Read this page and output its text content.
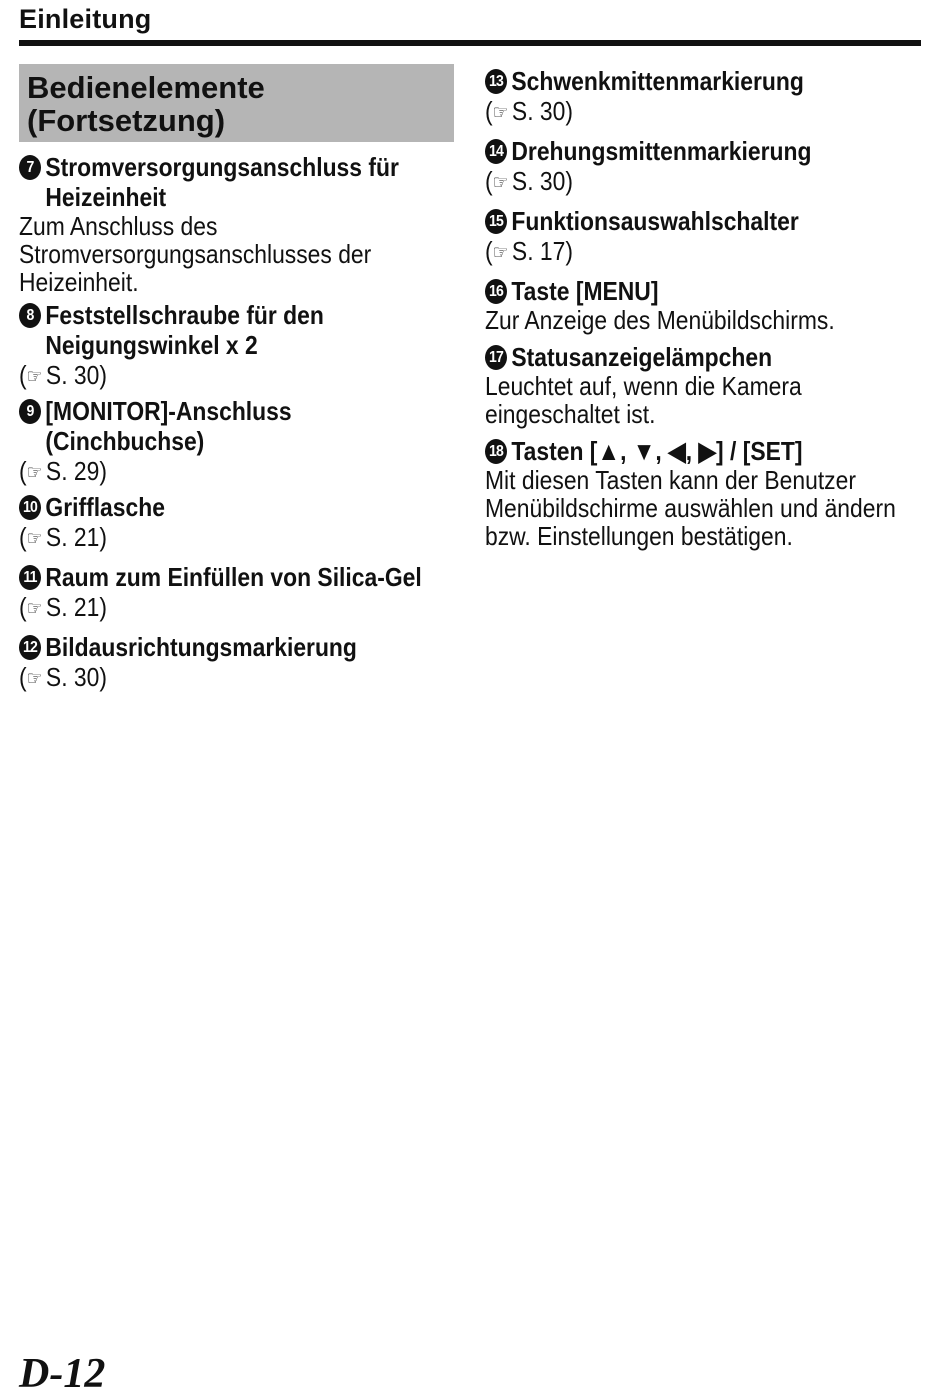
Einleitung
Bedienelemente
(Fortsetzung)
7 Stromversorgungsanschluss für
Heizeinheit
Zum Anschluss des
Stromversorgungsanschlusses der
Heizeinheit.
8 Feststellschraube für den
Neigungswinkel x 2
(☞ S. 30)
9 [MONITOR]-Anschluss
(Cinchbuchse)
(☞ S. 29)
10 Grifflasche
(☞ S. 21)
11 Raum zum Einfüllen von Silica-Gel
(☞ S. 21)
12 Bildausrichtungsmarkierung
(☞ S. 30)
13 Schwenkmittenmarkierung
(☞ S. 30)
14 Drehungsmittenmarkierung
(☞ S. 30)
15 Funktionsauswahlschalter
(☞ S. 17)
16 Taste [MENU]
Zur Anzeige des Menübildschirms.
17 Statusanzeigelämpchen
Leuchtet auf, wenn die Kamera
eingeschaltet ist.
18 Tasten [▲, ▼, ◀, ▶] / [SET]
Mit diesen Tasten kann der Benutzer
Menübildschirme auswählen und ändern
bzw. Einstellungen bestätigen.
D-12
